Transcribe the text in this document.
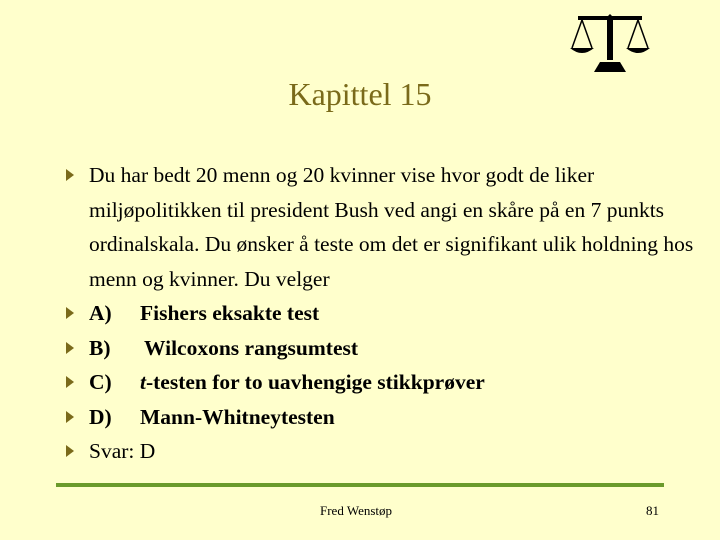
Kapittel 15
Du har bedt 20 menn og 20 kvinner vise hvor godt de liker miljøpolitikken til president Bush ved angi en skåre på en 7 punkts ordinalskala. Du ønsker å teste om det er signifikant ulik holdning hos menn og kvinner. Du velger
A) Fishers eksakte test
B) Wilcoxons rangsumtest
C) t-testen for to uavhengige stikkprøver
D) Mann-Whitneytesten
Svar: D
Fred Wenstøp	81
